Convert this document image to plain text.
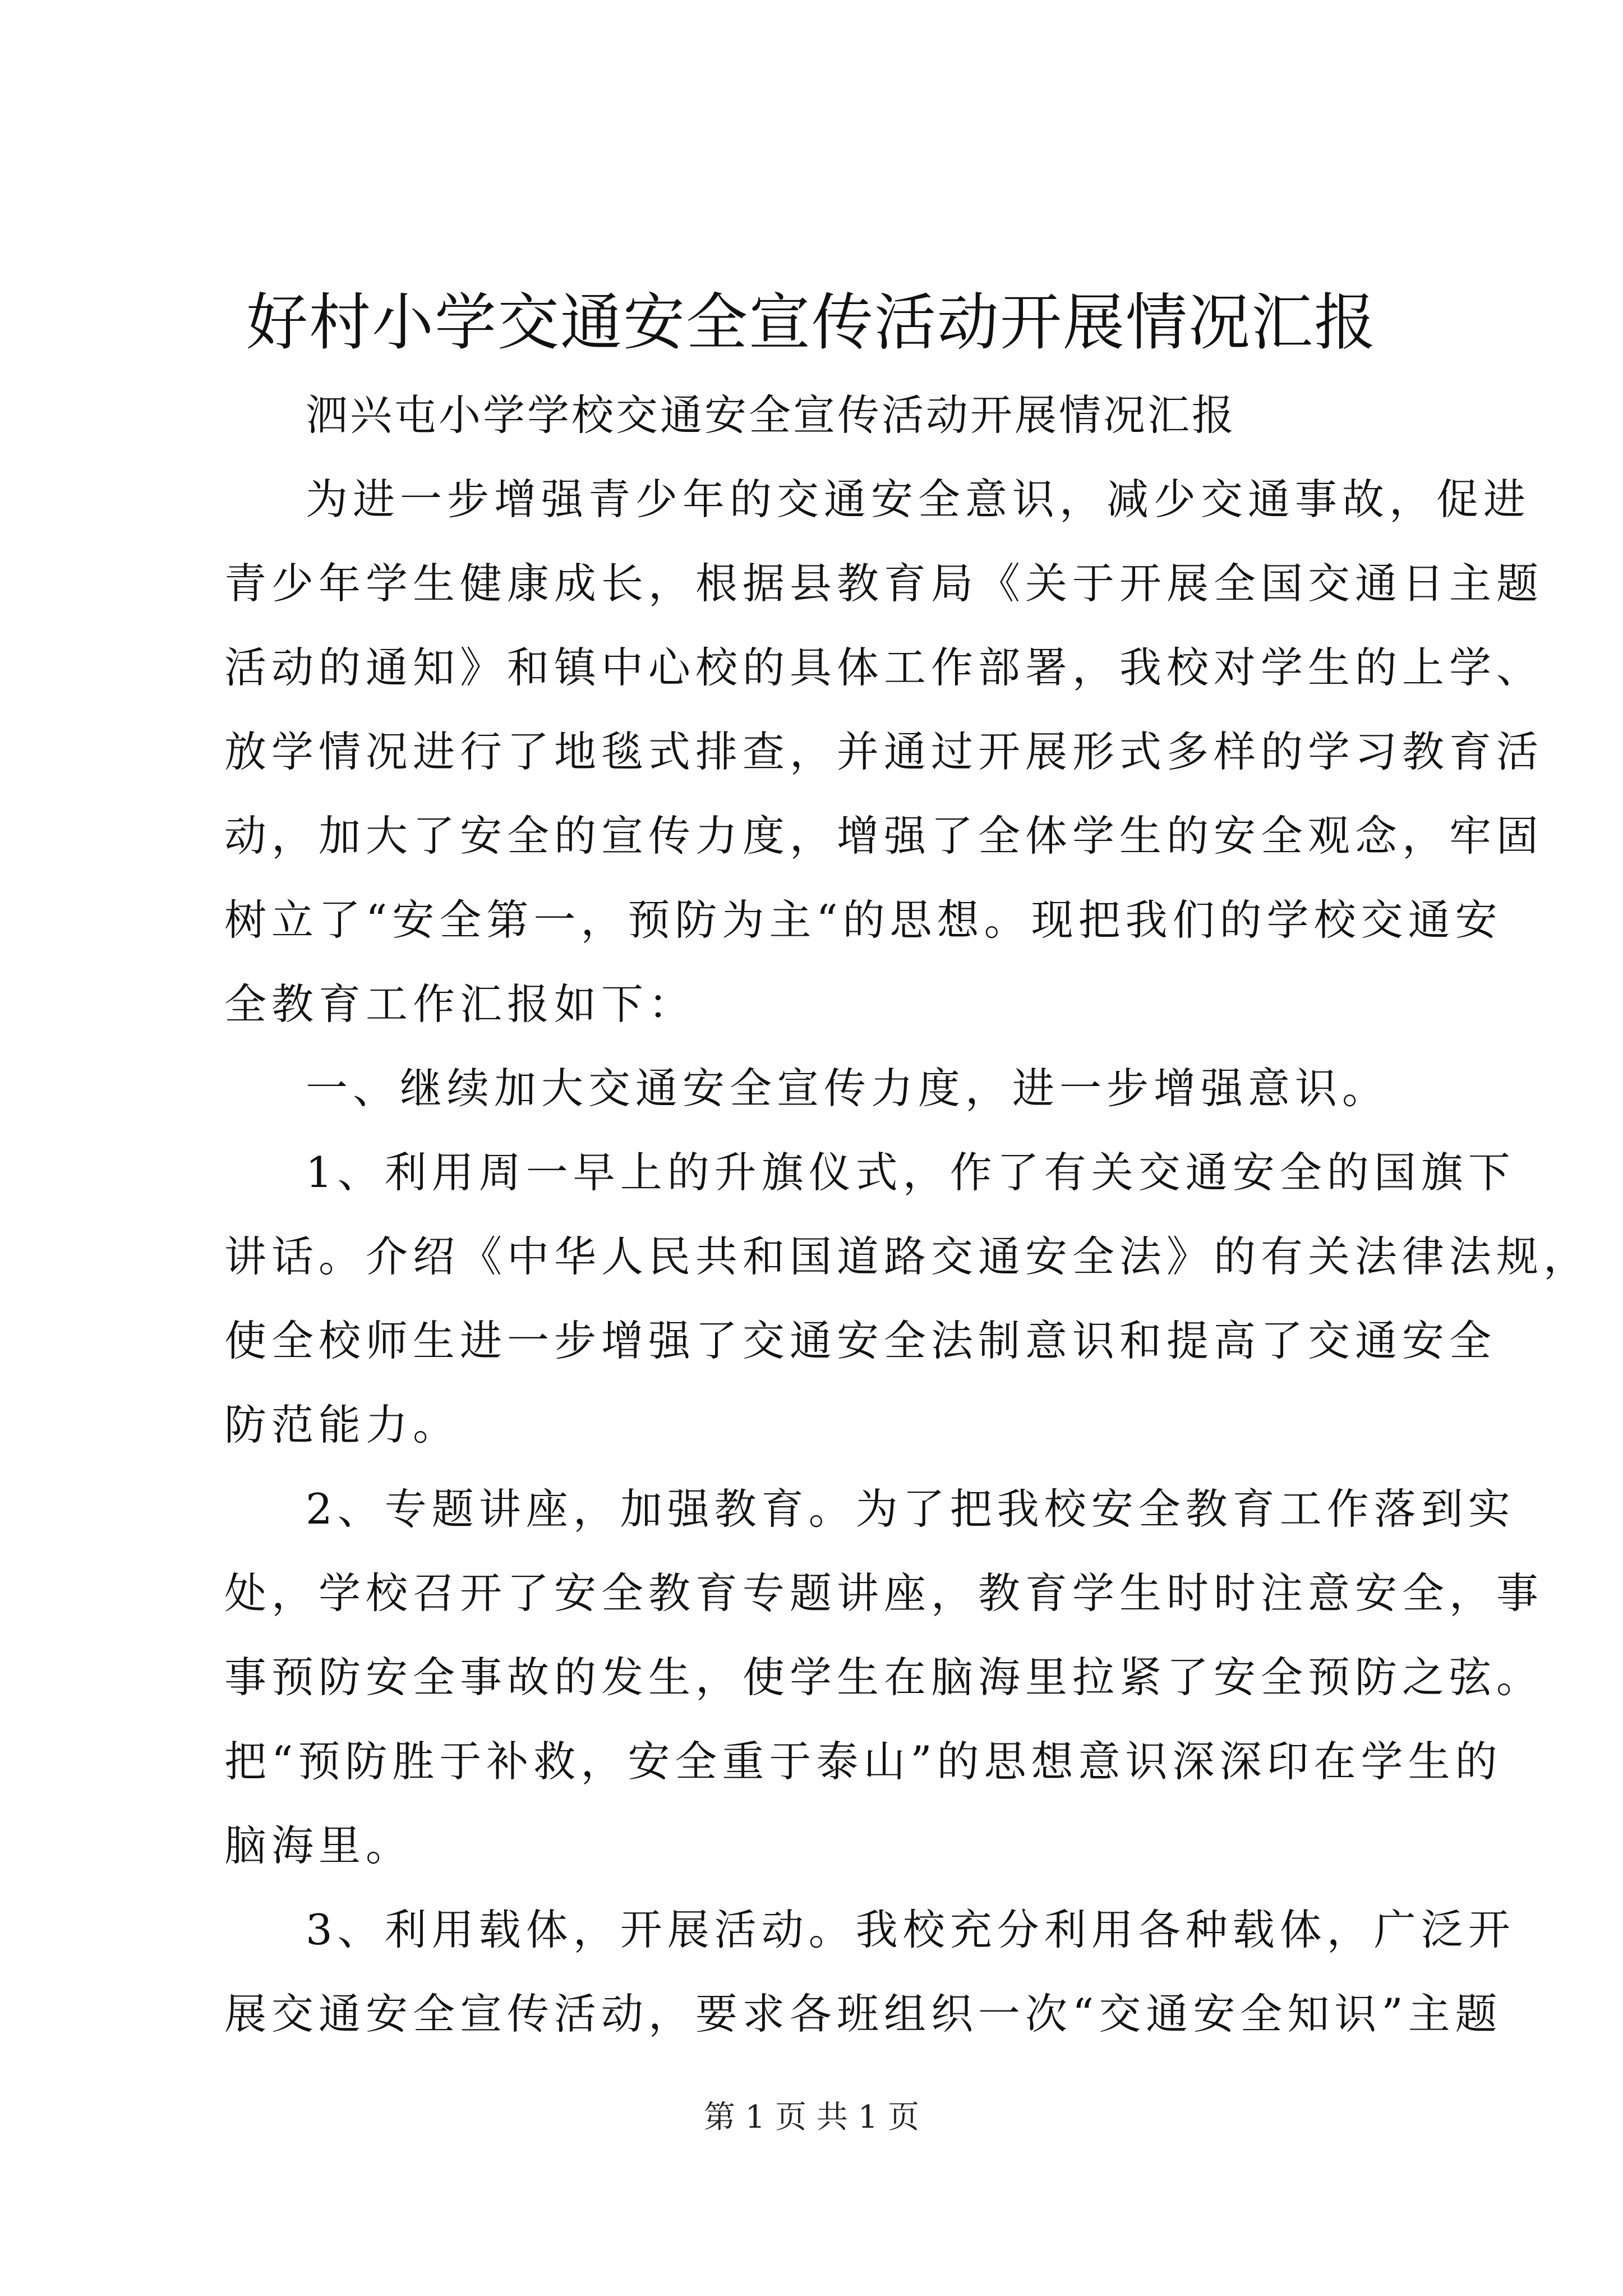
好村小学交通安全宣传活动开展情况汇报
泗兴屯小学学校交通安全宣传活动开展情况汇报
为进一步增强青少年的交通安全意识，减少交通事故，促进
青少年学生健康成长，根据县教育局《关于开展全国交通日主题
活动的通知》和镇中心校的具体工作部署，我校对学生的上学、
放学情况进行了地毯式排查，并通过开展形式多样的学习教育活
动，加大了安全的宣传力度，增强了全体学生的安全观念，牢固
树立了“安全第一，预防为主“的思想。现把我们的学校交通安
全教育工作汇报如下：
一、继续加大交通安全宣传力度，进一步增强意识。
1、利用周一早上的升旗仪式，作了有关交通安全的国旗下
讲话。介绍《中华人民共和国道路交通安全法》的有关法律法规，
使全校师生进一步增强了交通安全法制意识和提高了交通安全
防范能力。
2、专题讲座，加强教育。为了把我校安全教育工作落到实
处，学校召开了安全教育专题讲座，教育学生时时注意安全，事
事预防安全事故的发生，使学生在脑海里拉紧了安全预防之弦。
把“预防胜于补救，安全重于泰山”的思想意识深深印在学生的
脑海里。
3、利用载体，开展活动。我校充分利用各种载体，广泛开
展交通安全宣传活动，要求各班组织一次“交通安全知识”主题
第 1 页 共 1 页
